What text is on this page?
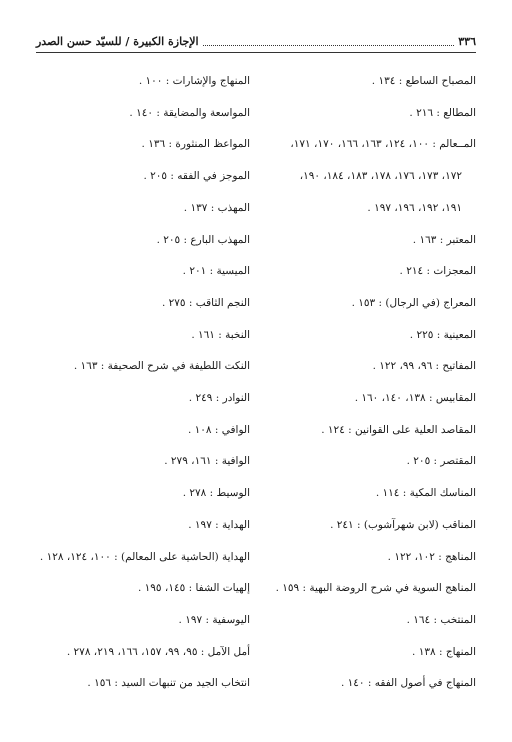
٣٣٦
الإجازة الكبيرة / للسيّد حسن الصدر
المصباح الساطع : ١٣٤ .
المطالع : ٢١٦ .
المــعالم : ١٠٠، ١٢٤، ١٦٣، ١٦٦، ١٧٠، ١٧١،
١٧٢، ١٧٣، ١٧٦، ١٧٨، ١٨٣، ١٨٤، ١٩٠،
١٩١، ١٩٢، ١٩٦، ١٩٧ .
المعتبر : ١٦٣ .
المعجزات : ٢١٤ .
المعراج (في الرجال) : ١٥٣ .
المعينية : ٢٢٥ .
المفاتيح : ٩٦، ٩٩، ١٢٢ .
المقابيس : ١٣٨، ١٤٠، ١٦٠ .
المقاصد العلية على القوانين : ١٢٤ .
المقتصر : ٢٠٥ .
المناسك المكية : ١١٤ .
المناقب (لابن شهرآشوب) : ٢٤١ .
المناهج : ١٠٢، ١٢٢ .
المناهج السوية في شرح الروضة البهية : ١٥٩ .
المنتخب : ١٦٤ .
المنهاج : ١٣٨ .
المنهاج في أصول الفقه : ١٤٠ .
المنهاج والإشارات : ١٠٠ .
المواسعة والمضايقة : ١٤٠ .
المواعظ المنثورة : ١٣٦ .
الموجز في الفقه : ٢٠٥ .
المهذب : ١٣٧ .
المهذب البارع : ٢٠٥ .
الميسية : ٢٠١ .
النجم الثاقب : ٢٧٥ .
النخبة : ١٦١ .
النكت اللطيفة في شرح الصحيفة : ١٦٣ .
النوادر : ٢٤٩ .
الوافي : ١٠٨ .
الوافية : ١٦١، ٢٧٩ .
الوسيط : ٢٧٨ .
الهداية : ١٩٧ .
الهداية (الحاشية على المعالم) : ١٠٠، ١٢٤، ١٢٨ .
إلهيات الشفا : ١٤٥، ١٩٥ .
اليوسفية : ١٩٧ .
أمل الآمل : ٩٥، ٩٩، ١٥٧، ١٦٦، ٢١٩، ٢٧٨ .
انتخاب الجيد من تنبهات السيد : ١٥٦ .
